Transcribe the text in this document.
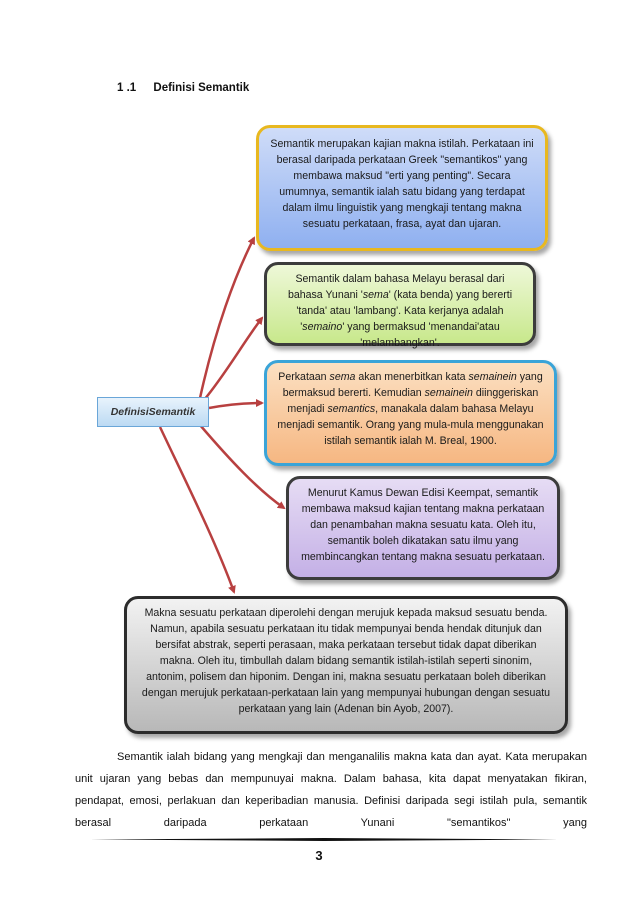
1 .1 Definisi Semantik
DefinisiSemantik

Semantik merupakan kajian makna istilah. Perkataan ini berasal daripada perkataan Greek "semantikos" yang membawa maksud "erti yang penting". Secara umumnya, semantik ialah satu bidang yang terdapat dalam ilmu linguistik yang mengkaji tentang makna sesuatu perkataan, frasa, ayat dan ujaran.

Semantik dalam bahasa Melayu berasal dari bahasa Yunani 'sema' (kata benda) yang bererti 'tanda' atau 'lambang'. Kata kerjanya adalah 'semaino' yang bermaksud 'menandai'atau 'melambangkan'.

Perkataan sema akan menerbitkan kata semainein yang bermaksud bererti. Kemudian semainein diinggeriskan menjadi semantics, manakala dalam bahasa Melayu menjadi semantik. Orang yang mula-mula menggunakan istilah semantik ialah M. Breal, 1900.

Menurut Kamus Dewan Edisi Keempat, semantik membawa maksud kajian tentang makna perkataan dan penambahan makna sesuatu kata. Oleh itu, semantik boleh dikatakan satu ilmu yang membincangkan tentang makna sesuatu perkataan.

Makna sesuatu perkataan diperolehi dengan merujuk kepada maksud sesuatu benda. Namun, apabila sesuatu perkataan itu tidak mempunyai benda hendak ditunjuk dan bersifat abstrak, seperti perasaan, maka perkataan tersebut tidak dapat diberikan makna. Oleh itu, timbullah dalam bidang semantik istilah-istilah seperti sinonim, antonim, polisem dan hiponim. Dengan ini, makna sesuatu perkataan boleh diberikan dengan merujuk perkataan-perkataan lain yang mempunyai hubungan dengan sesuatu perkataan yang lain (Adenan bin Ayob, 2007).

Semantik ialah bidang yang mengkaji dan menganalilis makna kata dan ayat. Kata merupakan unit ujaran yang bebas dan mempunuyai makna. Dalam bahasa, kita dapat menyatakan fikiran, pendapat, emosi, perlakuan dan keperibadian manusia. Definisi daripada segi istilah pula, semantik berasal daripada perkataan Yunani "semantikos" yang

3
